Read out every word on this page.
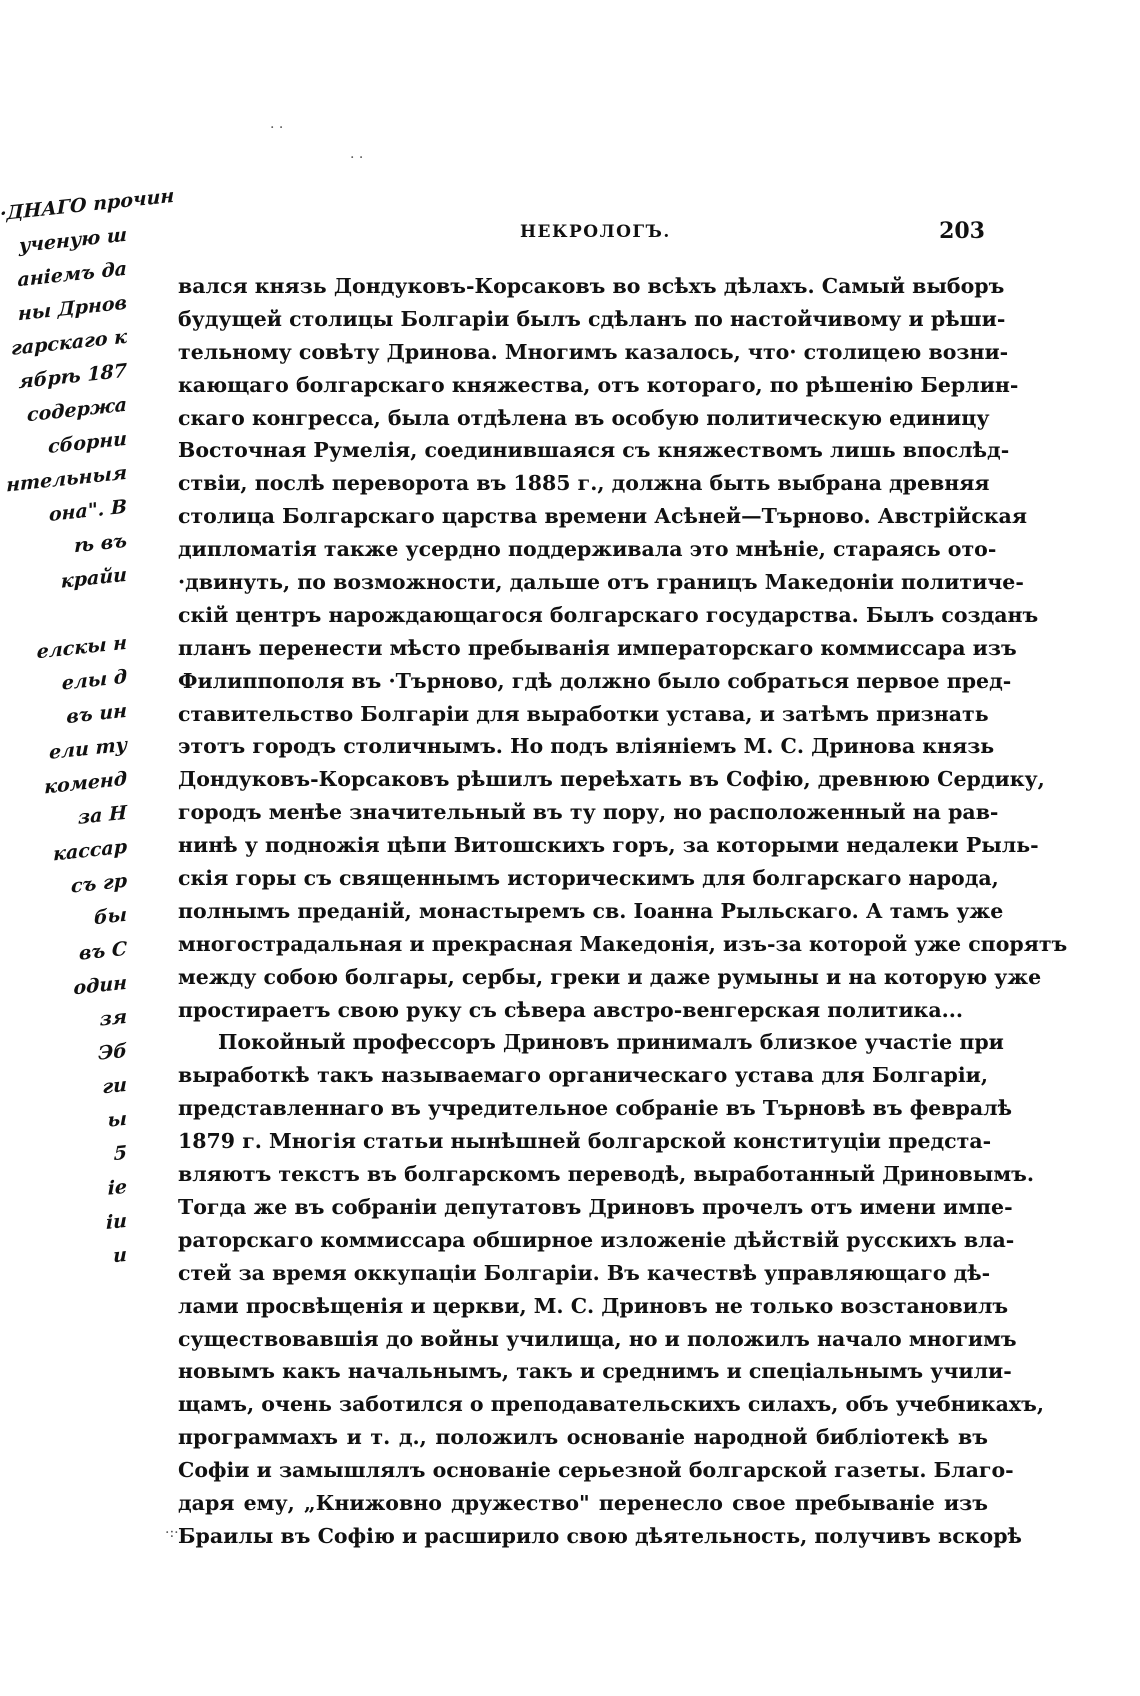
·ДНАГО прочин
ученую ш
аніемъ да
ны Дрнов
гарскаго к
ябрѣ 187
содержа
сборни
нтельныя
она". В
ѣ въ
крайи
елскы н
елы д
въ ин
ели ту
коменд
за Н
кассар
съ гр
бы
въ С
один
зя
Эб
ги
ы
5
іе
іи
и
НЕКРОЛОГЪ.	203
вался князь Дондуковъ-Корсаковъ во всѣхъ дѣлахъ. Самый выборъ
будущей столицы Болгаріи былъ сдѣланъ по настойчивому и рѣши-
тельному совѣту Дринова. Многимъ казалось, что· столицею возни-
кающаго болгарскаго княжества, отъ котораго, по рѣшенію Берлин-
скаго конгресса, была отдѣлена въ особую политическую единицу
Восточная Румелія, соединившаяся съ княжествомъ лишь впослѣд-
ствіи, послѣ переворота въ 1885 г., должна быть выбрана древняя
столица Болгарскаго царства времени Асѣней—Търново. Австрійская
дипломатія также усердно поддерживала это мнѣніе, стараясь ото-
·двинуть, по возможности, дальше отъ границъ Македоніи политиче-
скій центръ нарождающагося болгарскаго государства. Былъ созданъ
планъ перенести мѣсто пребыванія императорскаго коммиссара изъ
Филиппополя въ ·Търново, гдѣ должно было собраться первое пред-
ставительство Болгаріи для выработки устава, и затѣмъ признать
этотъ городъ столичнымъ. Но подъ вліяніемъ М. С. Дринова князь
Дондуковъ-Корсаковъ рѣшилъ переѣхать въ Софію, древнюю Сердику,
городъ менѣе значительный въ ту пору, но расположенный на рав-
нинѣ у подножія цѣпи Витошскихъ горъ, за которыми недалеки Рыль-
скія горы съ священнымъ историческимъ для болгарскаго народа,
полнымъ преданій, монастыремъ св. Іоанна Рыльскаго. А тамъ уже
многострадальная и прекрасная Македонія, изъ-за которой уже спорятъ
между собою болгары, сербы, греки и даже румыны и на которую уже
простираетъ свою руку съ сѣвера австро-венгерская политика...
Покойный профессоръ Дриновъ принималъ близкое участіе при
выработкѣ такъ называемаго органическаго устава для Болгаріи,
представленнаго въ учредительное собраніе въ Търновѣ въ февралѣ
1879 г. Многія статьи нынѣшней болгарской конституціи предста-
вляютъ текстъ въ болгарскомъ переводѣ, выработанный Дриновымъ.
Тогда же въ собраніи депутатовъ Дриновъ прочелъ отъ имени импе-
раторскаго коммиссара обширное изложеніе дѣйствій русскихъ вла-
стей за время оккупаціи Болгаріи. Въ качествѣ управляющаго дѣ-
лами просвѣщенія и церкви, М. С. Дриновъ не только возстановилъ
существовавшія до войны училища, но и положилъ начало многимъ
новымъ какъ начальнымъ, такъ и среднимъ и спеціальнымъ учили-
щамъ, очень заботился о преподавательскихъ силахъ, объ учебникахъ,
программахъ и т. д., положилъ основаніе народной библіотекѣ въ
Софіи и замышлялъ основаніе серьезной болгарской газеты. Благо-
даря ему, „Книжовно дружество" перенесло свое пребываніе изъ
Браилы въ Софію и расширило свою дѣятельность, получивъ вскорѣ
· ·
· ·
·:·
